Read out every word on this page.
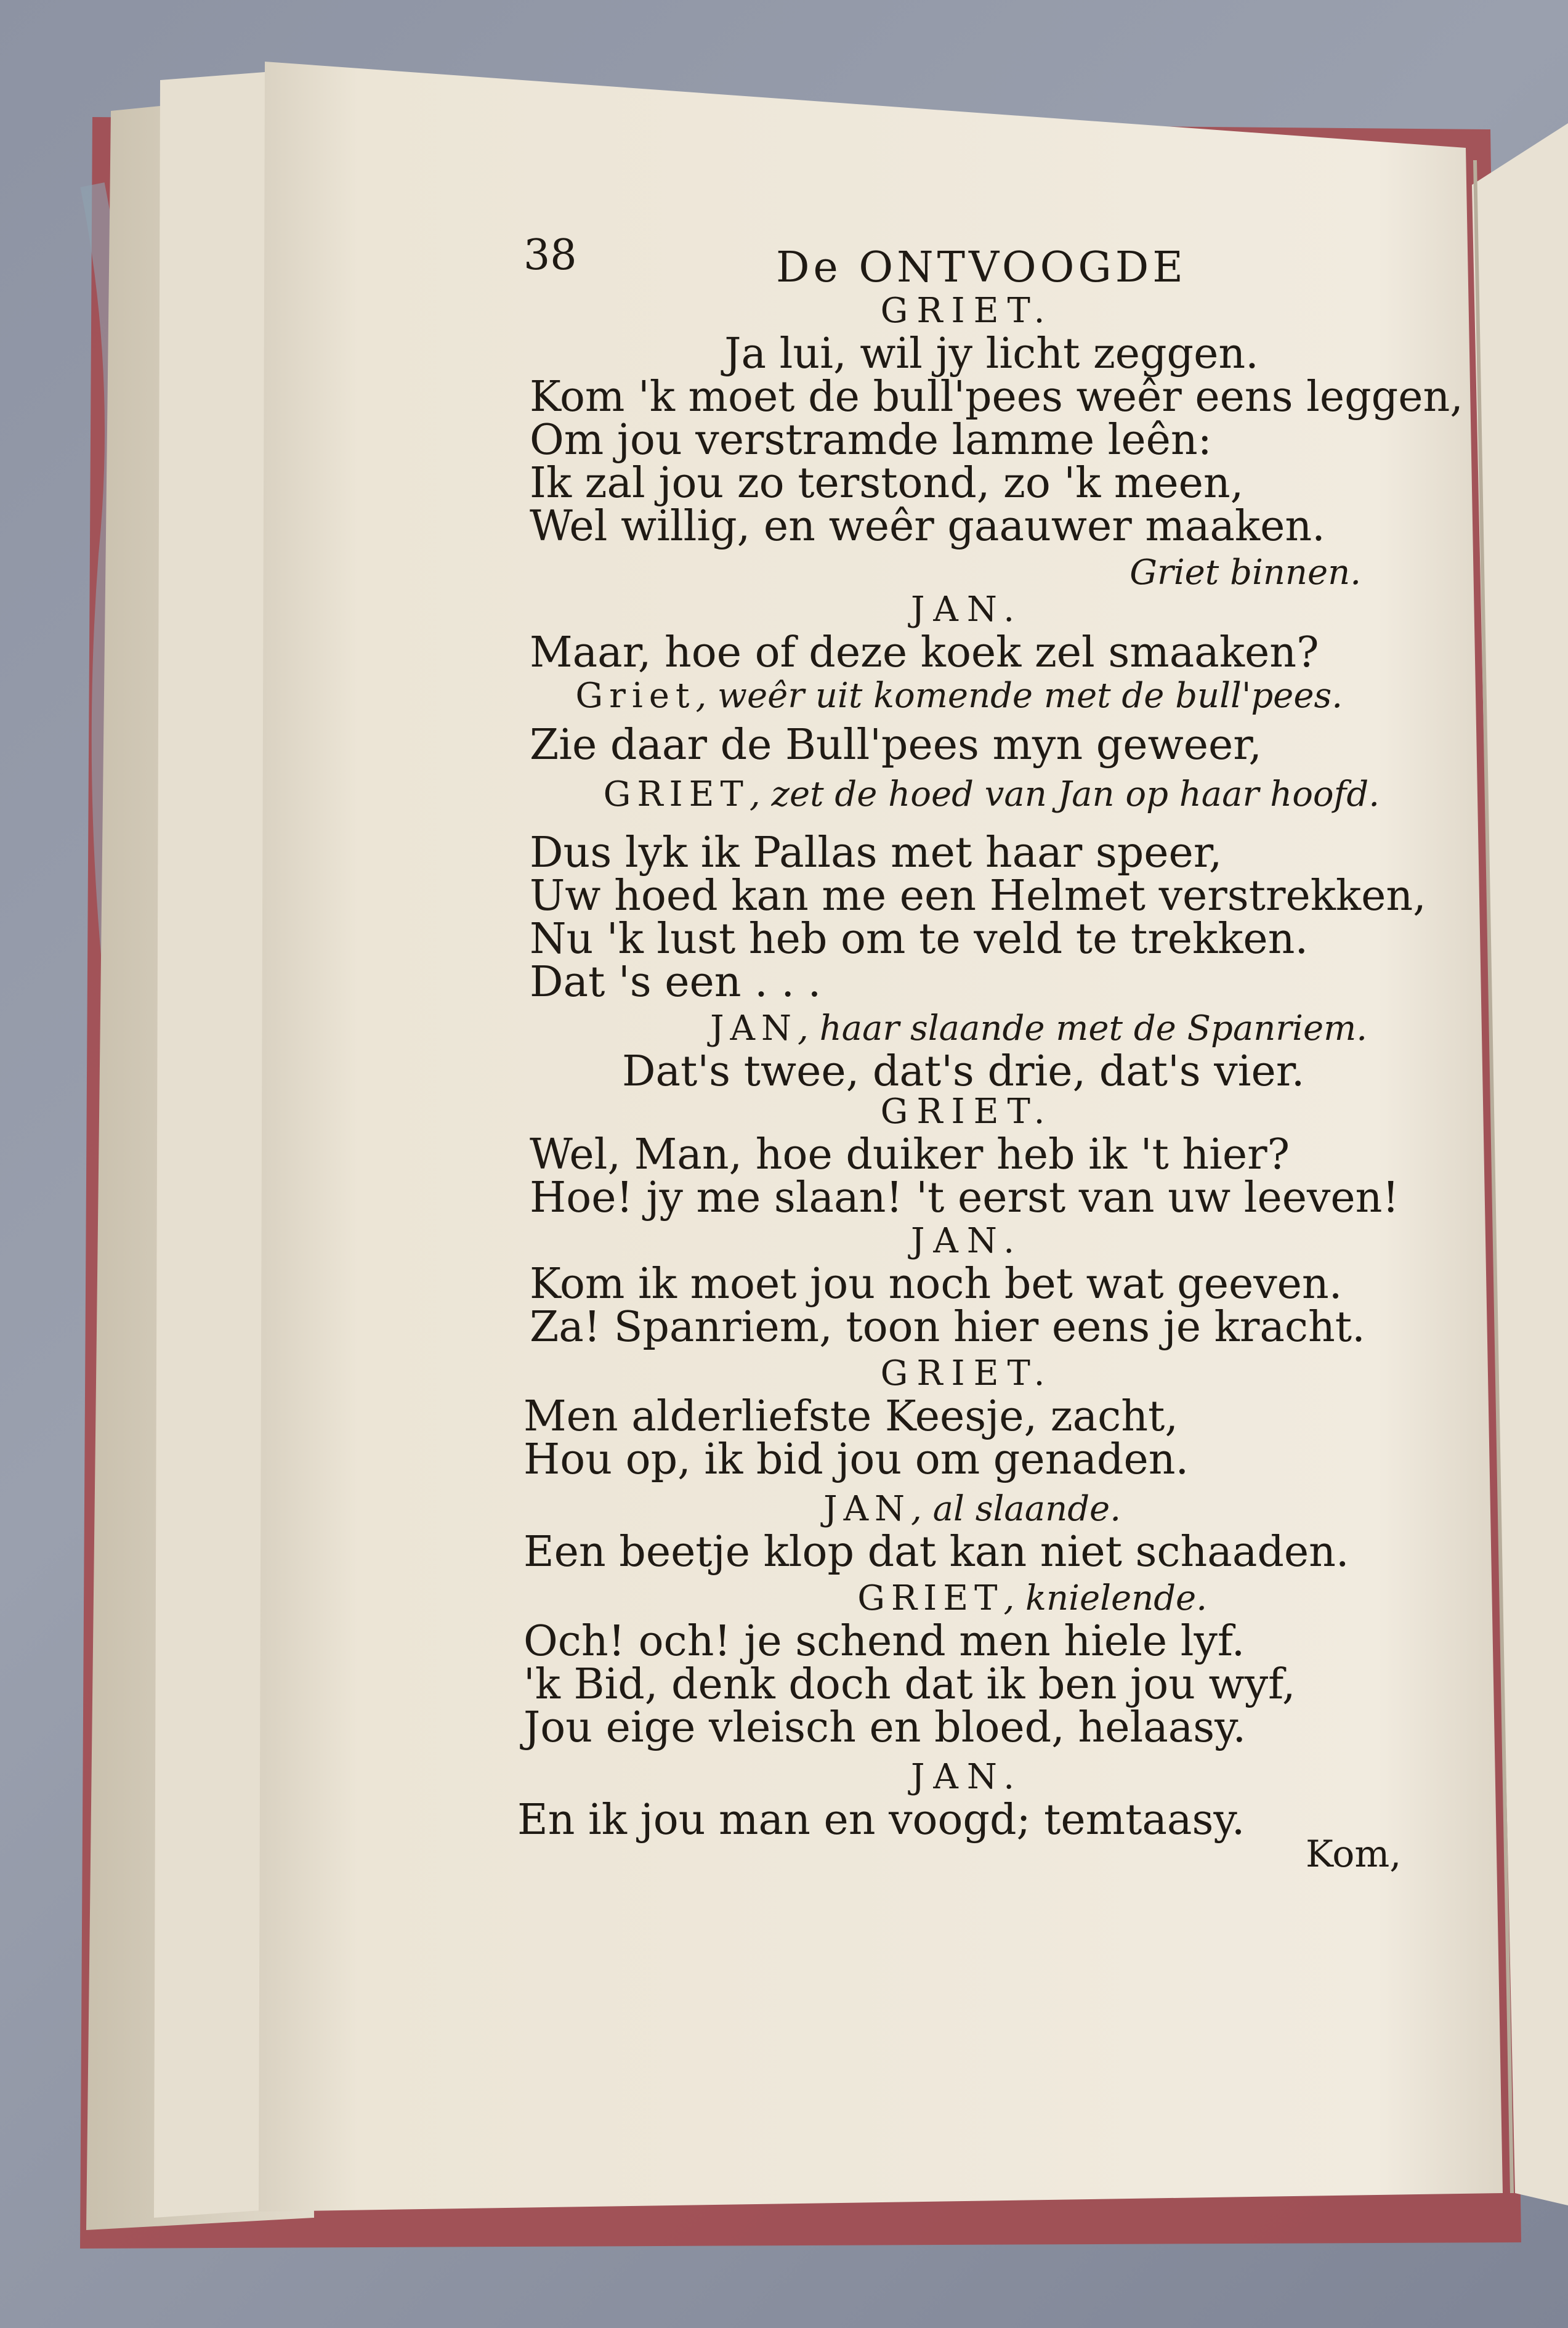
38	De ONTVOOGDE
GRIET.
Ja lui, wil jy licht zeggen.
Kom 'k moet de bull'pees weêr eens leggen,
Om jou verstramde lamme leên:
Ik zal jou zo terstond, zo 'k meen,
Wel willig, en weêr gaauwer maaken.
Griet binnen.
JAN.
Maar, hoe of deze koek zel smaaken?
Griet, weêr uit komende met de bull'pees.
Zie daar de Bull'pees myn geweer,
GRIET, zet de hoed van Jan op haar hoofd.
Dus lyk ik Pallas met haar speer,
Uw hoed kan me een Helmet verstrekken,
Nu 'k lust heb om te veld te trekken.
Dat 's een . . .
JAN, haar slaande met de Spanriem.
Dat's twee, dat's drie, dat's vier.
GRIET.
Wel, Man, hoe duiker heb ik 't hier?
Hoe! jy me slaan! 't eerst van uw leeven!
JAN.
Kom ik moet jou noch bet wat geeven.
Za! Spanriem, toon hier eens je kracht.
GRIET.
Men alderliefste Keesje, zacht,
Hou op, ik bid jou om genaden.
JAN, al slaande.
Een beetje klop dat kan niet schaaden.
GRIET, knielende.
Och! och! je schend men hiele lyf.
'k Bid, denk doch dat ik ben jou wyf,
Jou eige vleisch en bloed, helaasy.
JAN.
En ik jou man en voogd; temtaasy.
Kom,
